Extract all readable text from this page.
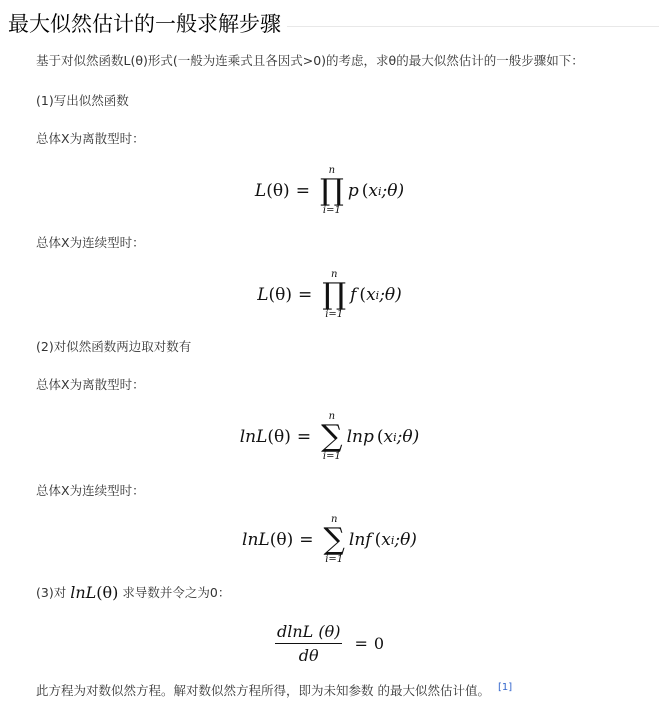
最大似然估计的一般求解步骤
基于对似然函数L(θ)形式(一般为连乘式且各因式>0)的考虑，求θ的最大似然估计的一般步骤如下：
(1)写出似然函数
总体X为离散型时：
L (θ) =
n
∏
i=1
p ( x i ;θ)
总体X为连续型时：
L (θ) =
n
∏
i=1
f ( x i ;θ)
(2)对似然函数两边取对数有
总体X为离散型时：
lnL (θ) =
n
∑
i=1
lnp ( x i ;θ)
总体X为连续型时：
lnL (θ) =
n
∑
i=1
lnf ( x i ;θ)
(3)对 lnL(θ) 求导数并令之为0：
$\frac{dlnL (\theta)}{d\theta} = 0$
此方程为对数似然方程。解对数似然方程所得，即为未知参数 的最大似然估计值。 [1]
